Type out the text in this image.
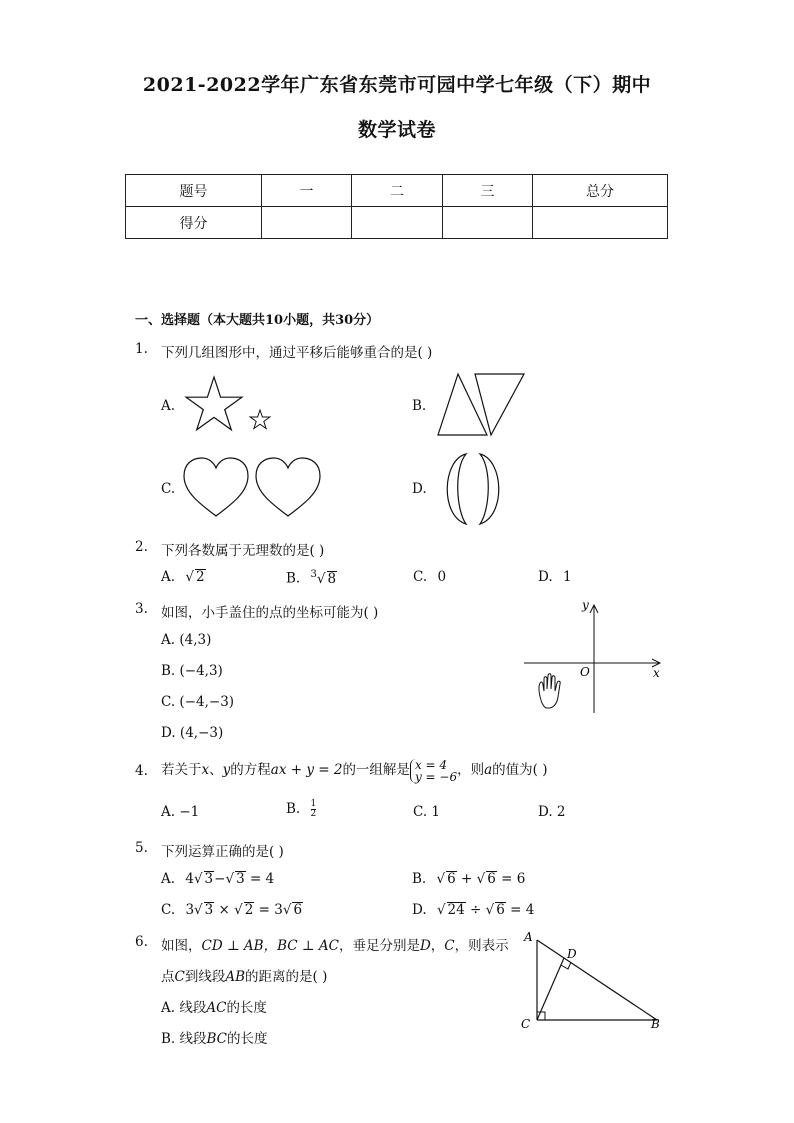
2021-2022学年广东省东莞市可园中学七年级（下）期中
数学试卷
题号	一	二	三	总分
得分				
一、选择题（本大题共10小题，共30分）
1. 下列几组图形中，通过平移后能够重合的是( )
A.	B.
C.	D.
2. 下列各数属于无理数的是( )
A. √ 2	B. $^3$√ 8	C. 0	D. 1
3. 如图，小手盖住的点的坐标可能为( )
A. (4,3)
B. (−4,3)
C. (−4,−3)
D. (4,−3)
x
y
O
4. 若关于x、y的方程ax + y = 2的一组解是 x = 4
y = −6 ，则a的值为( )
A. −1	B. $\frac{1}{2}$	C. 1	D. 2
5. 下列运算正确的是( )
A. 4√ 3−√ 3 = 4	B. √ 6 + √ 6 = 6
C. 3√ 3 × √ 2 = 3√ 6	D. √ 24 ÷ √ 6 = 4
6. 如图，CD ⊥ AB，BC ⊥ AC，垂足分别是D，C，则表示
点C到线段AB的距离的是( )
A. 线段AC的长度
B. 线段BC的长度
A
D
C	B
